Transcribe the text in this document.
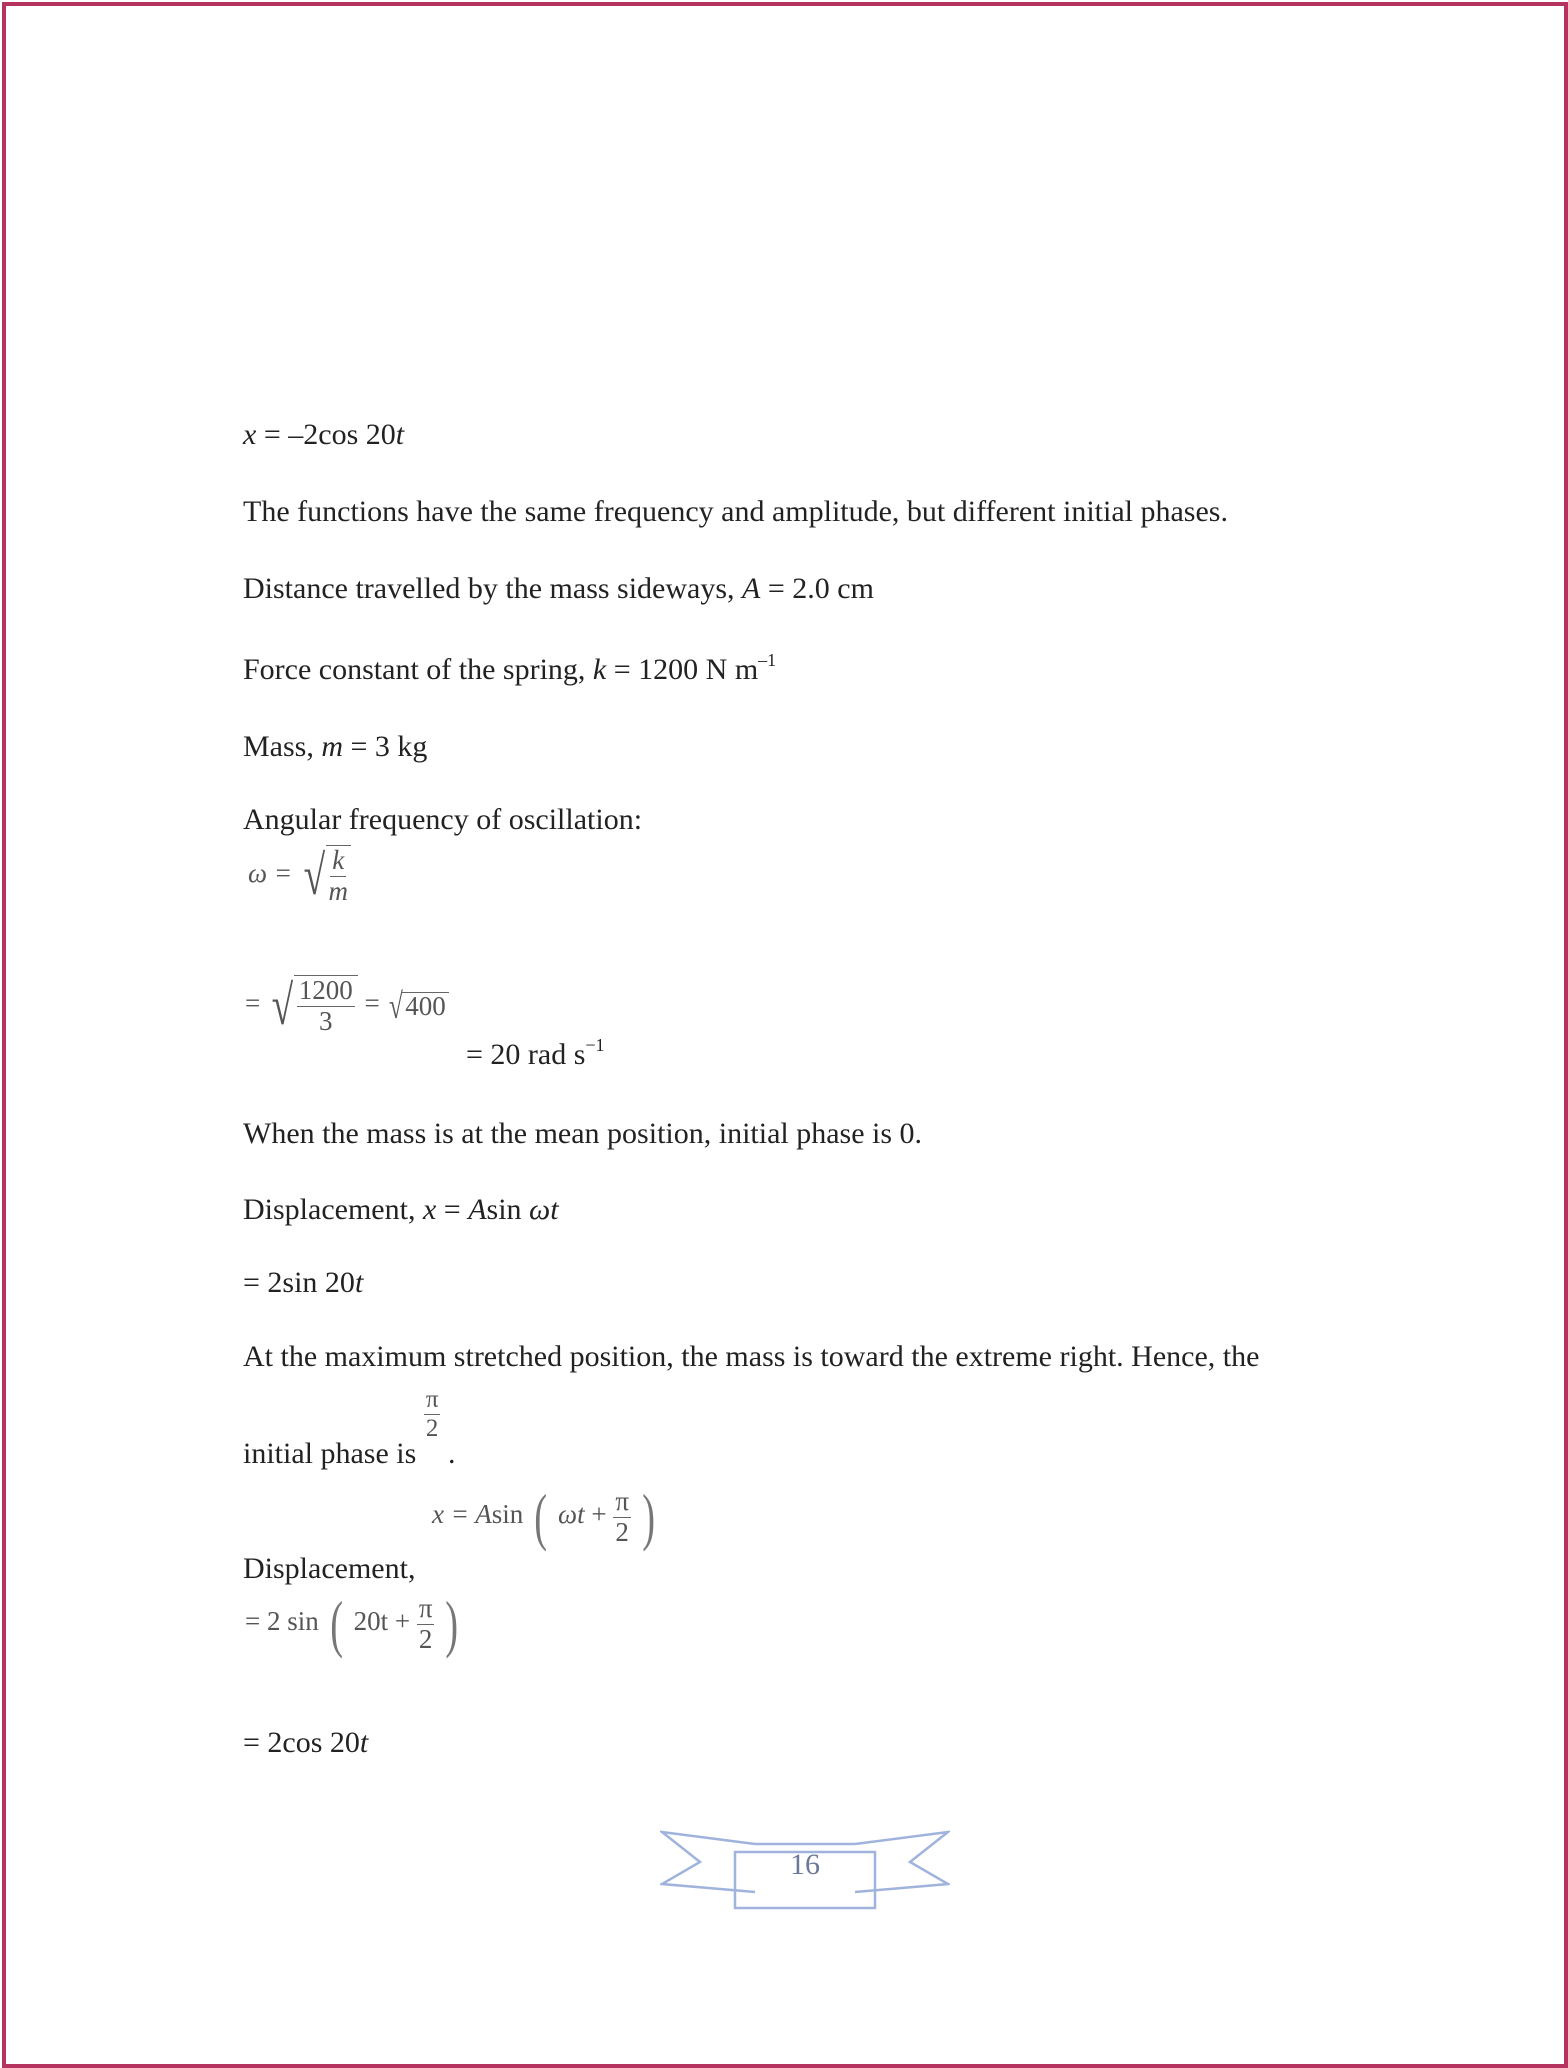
x = –2cos 20t
The functions have the same frequency and amplitude, but different initial phases.
Distance travelled by the mass sideways, A = 2.0 cm
Force constant of the spring, k = 1200 N $m^{-1}$
Mass, m = 3 kg
Angular frequency of oscillation:
ω = √ $\frac{k}{m}$
= √ $\frac{1200}{3}$ = √ 400
= 20 rad $s^{-1}$
When the mass is at the mean position, initial phase is 0.
Displacement, x = Asin ωt
= 2sin 20t
At the maximum stretched position, the mass is toward the extreme right. Hence, the
initial phase is
$\frac{\pi}{2}$
.
Displacement,
x = Asin ( $\omega t + \frac{\pi}{2}$ )
= 2 sin ( $20t + \frac{\pi}{2}$ )
= 2cos 20t
16
